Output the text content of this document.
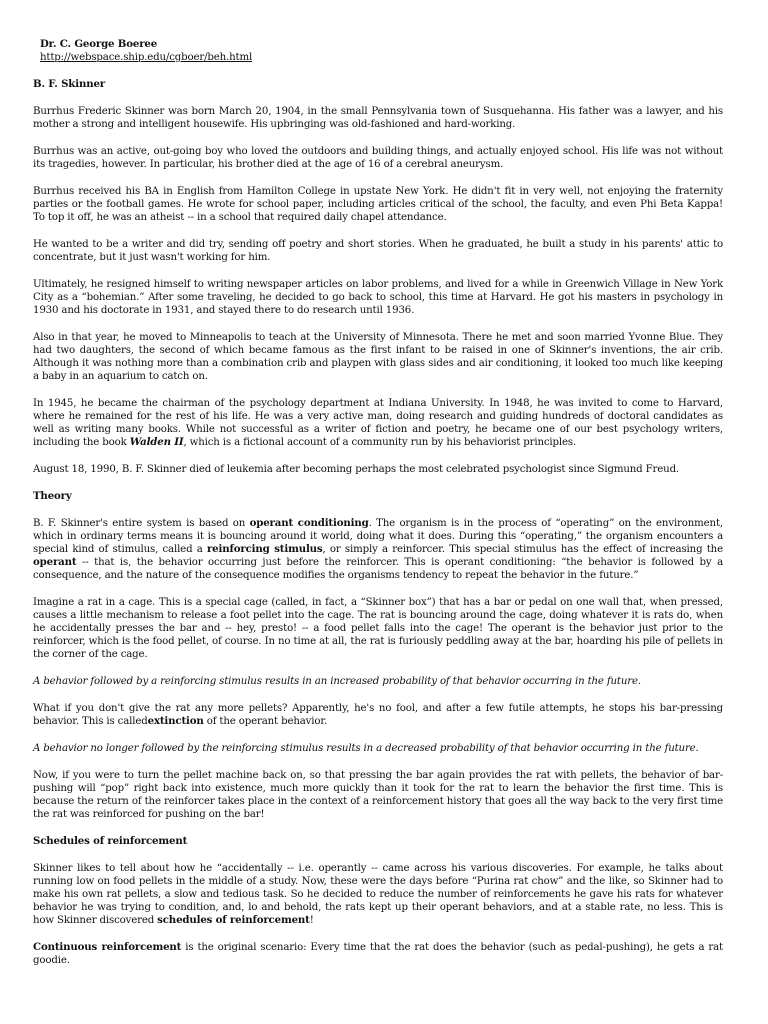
Dr. C. George Boeree
http://webspace.ship.edu/cgboer/beh.html
B. F. Skinner

Burrhus Frederic Skinner was born March 20, 1904, in the small Pennsylvania town of Susquehanna. His father was a lawyer, and his mother a strong and intelligent housewife. His upbringing was old-fashioned and hard-working.

Burrhus was an active, out-going boy who loved the outdoors and building things, and actually enjoyed school. His life was not without its tragedies, however. In particular, his brother died at the age of 16 of a cerebral aneurysm.

Burrhus received his BA in English from Hamilton College in upstate New York. He didn't fit in very well, not enjoying the fraternity parties or the football games. He wrote for school paper, including articles critical of the school, the faculty, and even Phi Beta Kappa! To top it off, he was an atheist -- in a school that required daily chapel attendance.

He wanted to be a writer and did try, sending off poetry and short stories. When he graduated, he built a study in his parents' attic to concentrate, but it just wasn't working for him.

Ultimately, he resigned himself to writing newspaper articles on labor problems, and lived for a while in Greenwich Village in New York City as a “bohemian.” After some traveling, he decided to go back to school, this time at Harvard. He got his masters in psychology in 1930 and his doctorate in 1931, and stayed there to do research until 1936.

Also in that year, he moved to Minneapolis to teach at the University of Minnesota. There he met and soon married Yvonne Blue. They had two daughters, the second of which became famous as the first infant to be raised in one of Skinner's inventions, the air crib. Although it was nothing more than a combination crib and playpen with glass sides and air conditioning, it looked too much like keeping a baby in an aquarium to catch on.

In 1945, he became the chairman of the psychology department at Indiana University. In 1948, he was invited to come to Harvard, where he remained for the rest of his life. He was a very active man, doing research and guiding hundreds of doctoral candidates as well as writing many books. While not successful as a writer of fiction and poetry, he became one of our best psychology writers, including the book Walden II, which is a fictional account of a community run by his behaviorist principles.

August 18, 1990, B. F. Skinner died of leukemia after becoming perhaps the most celebrated psychologist since Sigmund Freud.

Theory

B. F. Skinner's entire system is based on operant conditioning. The organism is in the process of “operating” on the environment, which in ordinary terms means it is bouncing around it world, doing what it does. During this “operating,” the organism encounters a special kind of stimulus, called a reinforcing stimulus, or simply a reinforcer. This special stimulus has the effect of increasing the operant -- that is, the behavior occurring just before the reinforcer. This is operant conditioning: “the behavior is followed by a consequence, and the nature of the consequence modifies the organisms tendency to repeat the behavior in the future.”

Imagine a rat in a cage. This is a special cage (called, in fact, a “Skinner box”) that has a bar or pedal on one wall that, when pressed, causes a little mechanism to release a foot pellet into the cage. The rat is bouncing around the cage, doing whatever it is rats do, when he accidentally presses the bar and -- hey, presto! -- a food pellet falls into the cage! The operant is the behavior just prior to the reinforcer, which is the food pellet, of course. In no time at all, the rat is furiously peddling away at the bar, hoarding his pile of pellets in the corner of the cage.

A behavior followed by a reinforcing stimulus results in an increased probability of that behavior occurring in the future.

What if you don't give the rat any more pellets? Apparently, he's no fool, and after a few futile attempts, he stops his bar-pressing behavior. This is calledextinction of the operant behavior.

A behavior no longer followed by the reinforcing stimulus results in a decreased probability of that behavior occurring in the future.

Now, if you were to turn the pellet machine back on, so that pressing the bar again provides the rat with pellets, the behavior of bar-pushing will “pop” right back into existence, much more quickly than it took for the rat to learn the behavior the first time. This is because the return of the reinforcer takes place in the context of a reinforcement history that goes all the way back to the very first time the rat was reinforced for pushing on the bar!

Schedules of reinforcement

Skinner likes to tell about how he “accidentally -- i.e. operantly -- came across his various discoveries. For example, he talks about running low on food pellets in the middle of a study. Now, these were the days before “Purina rat chow” and the like, so Skinner had to make his own rat pellets, a slow and tedious task. So he decided to reduce the number of reinforcements he gave his rats for whatever behavior he was trying to condition, and, lo and behold, the rats kept up their operant behaviors, and at a stable rate, no less. This is how Skinner discovered schedules of reinforcement!

Continuous reinforcement is the original scenario: Every time that the rat does the behavior (such as pedal-pushing), he gets a rat goodie.
